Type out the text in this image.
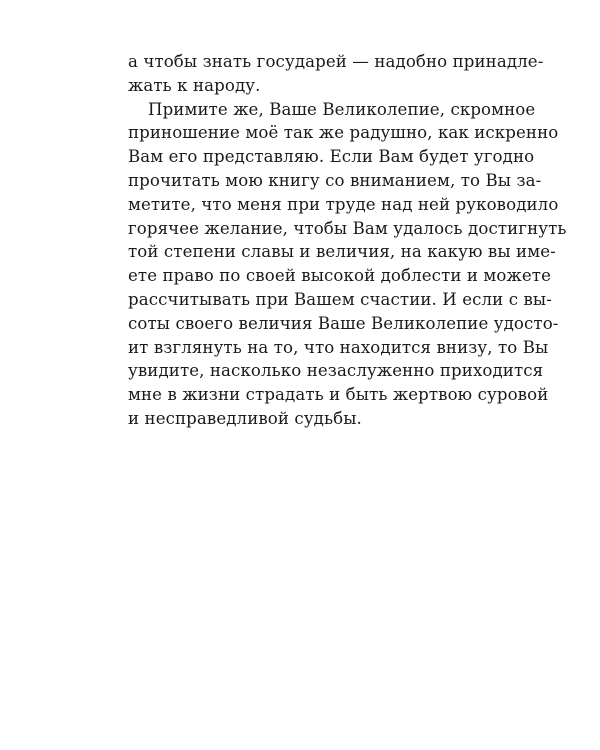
а чтобы знать государей — надобно принадле-
жать к народу.
Примите же, Ваше Великолепие, скромное
приношение моё так же радушно, как искренно
Вам его представляю. Если Вам будет угодно
прочитать мою книгу со вниманием, то Вы за-
метите, что меня при труде над ней руководило
горячее желание, чтобы Вам удалось достигнуть
той степени славы и величия, на какую вы име-
ете право по своей высокой доблести и можете
рассчитывать при Вашем счастии. И если с вы-
соты своего величия Ваше Великолепие удосто-
ит взглянуть на то, что находится внизу, то Вы
увидите, насколько незаслуженно приходится
мне в жизни страдать и быть жертвою суровой
и несправедливой судьбы.
